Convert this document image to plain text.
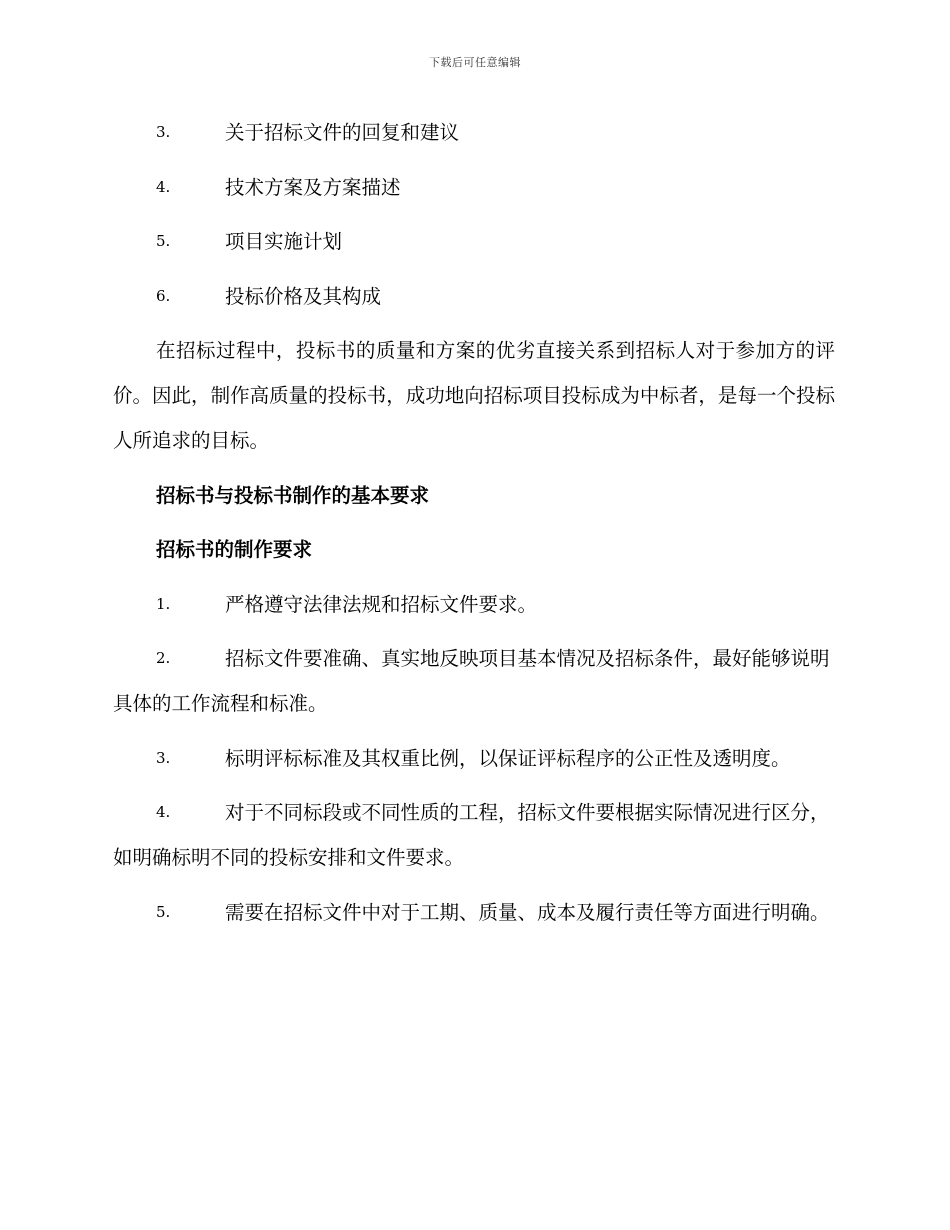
下载后可任意编辑
3.	关于招标文件的回复和建议
4.	技术方案及方案描述
5.	项目实施计划
6.	投标价格及其构成
在招标过程中，投标书的质量和方案的优劣直接关系到招标人对于参加方的评价。因此，制作高质量的投标书，成功地向招标项目投标成为中标者，是每一个投标人所追求的目标。
招标书与投标书制作的基本要求
招标书的制作要求
1.	严格遵守法律法规和招标文件要求。
2.	招标文件要准确、真实地反映项目基本情况及招标条件，最好能够说明具体的工作流程和标准。
3.	标明评标标准及其权重比例，以保证评标程序的公正性及透明度。
4.	对于不同标段或不同性质的工程，招标文件要根据实际情况进行区分，如明确标明不同的投标安排和文件要求。
5.	需要在招标文件中对于工期、质量、成本及履行责任等方面进行明确。
